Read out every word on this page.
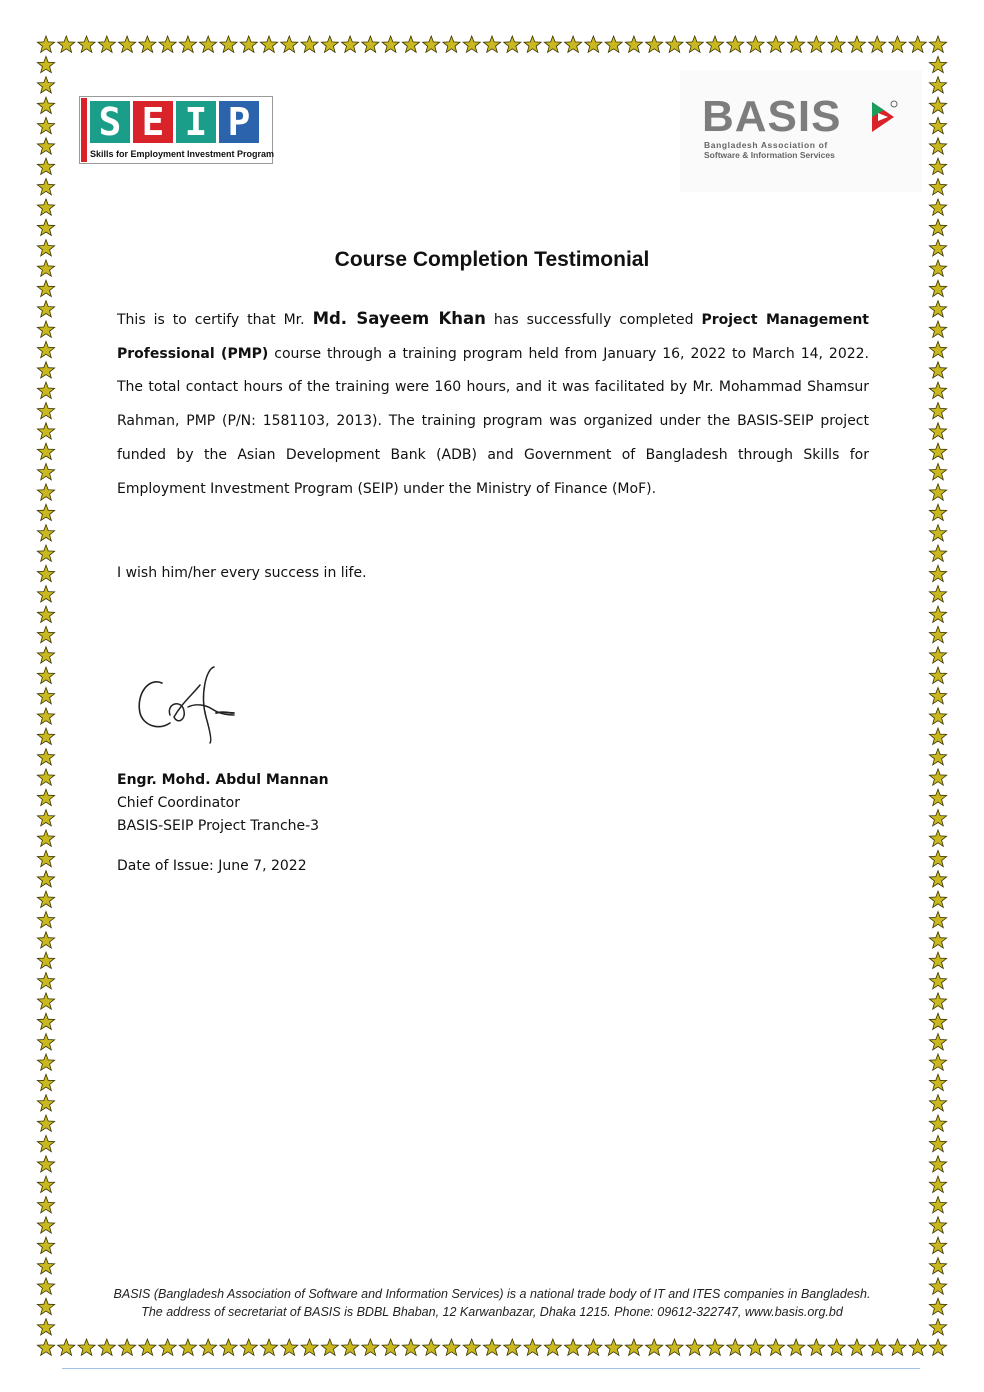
S E I P
Skills for Employment Investment Program
BASIS
Bangladesh Association of
Software & Information Services
Course Completion Testimonial

This is to certify that Mr. Md. Sayeem Khan has successfully completed Project Management Professional (PMP) course through a training program held from January 16, 2022 to March 14, 2022. The total contact hours of the training were 160 hours, and it was facilitated by Mr. Mohammad Shamsur Rahman, PMP (P/N: 1581103, 2013). The training program was organized under the BASIS-SEIP project funded by the Asian Development Bank (ADB) and Government of Bangladesh through Skills for Employment Investment Program (SEIP) under the Ministry of Finance (MoF).

I wish him/her every success in life.
Engr. Mohd. Abdul Mannan
Chief Coordinator
BASIS-SEIP Project Tranche-3
Date of Issue: June 7, 2022
BASIS (Bangladesh Association of Software and Information Services) is a national trade body of IT and ITES companies in Bangladesh.
The address of secretariat of BASIS is BDBL Bhaban, 12 Karwanbazar, Dhaka 1215. Phone: 09612-322747, www.basis.org.bd
